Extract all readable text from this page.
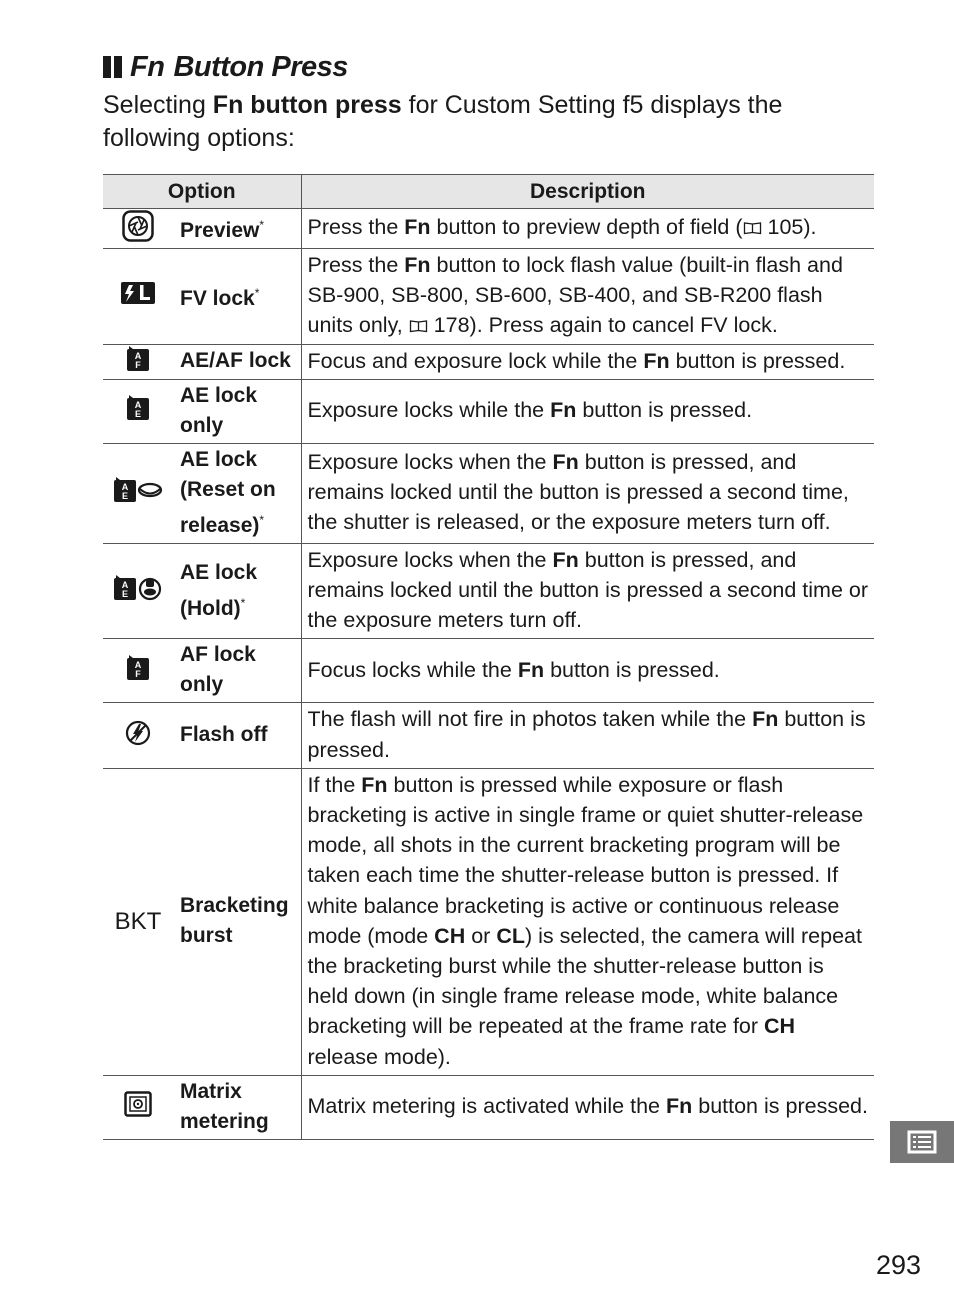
Fn Button Press
Selecting Fn button press for Custom Setting f5 displays the following options:
Option		Description
	Preview*	Press the Fn button to preview depth of field ( 105).
	FV lock*	Press the Fn button to lock flash value (built-in flash and SB-900, SB-800, SB-600, SB-400, and SB-R200 flash units only,  178). Press again to cancel FV lock.

A
F	AE/AF lock	Focus and exposure lock while the Fn button is pressed.

A
E	AE lock only	Exposure locks while the Fn button is pressed.

A
E	AE lock (Reset on release)*	Exposure locks when the Fn button is pressed, and remains locked until the button is pressed a second time, the shutter is released, or the exposure meters turn off.

A
E	AE lock (Hold)*	Exposure locks when the Fn button is pressed, and remains locked until the button is pressed a second time or the exposure meters turn off.

A
F	AF lock only	Focus locks while the Fn button is pressed.
	Flash off	The flash will not fire in photos taken while the Fn button is pressed.
BKT	Bracketing burst	If the Fn button is pressed while exposure or flash bracketing is active in single frame or quiet shutter-release mode, all shots in the current bracketing program will be taken each time the shutter-release button is pressed. If white balance bracketing is active or continuous release mode (mode CH or CL) is selected, the camera will repeat the bracketing burst while the shutter-release button is held down (in single frame release mode, white balance bracketing will be repeated at the frame rate for CH release mode).
	Matrix metering	Matrix metering is activated while the Fn button is pressed.
293
